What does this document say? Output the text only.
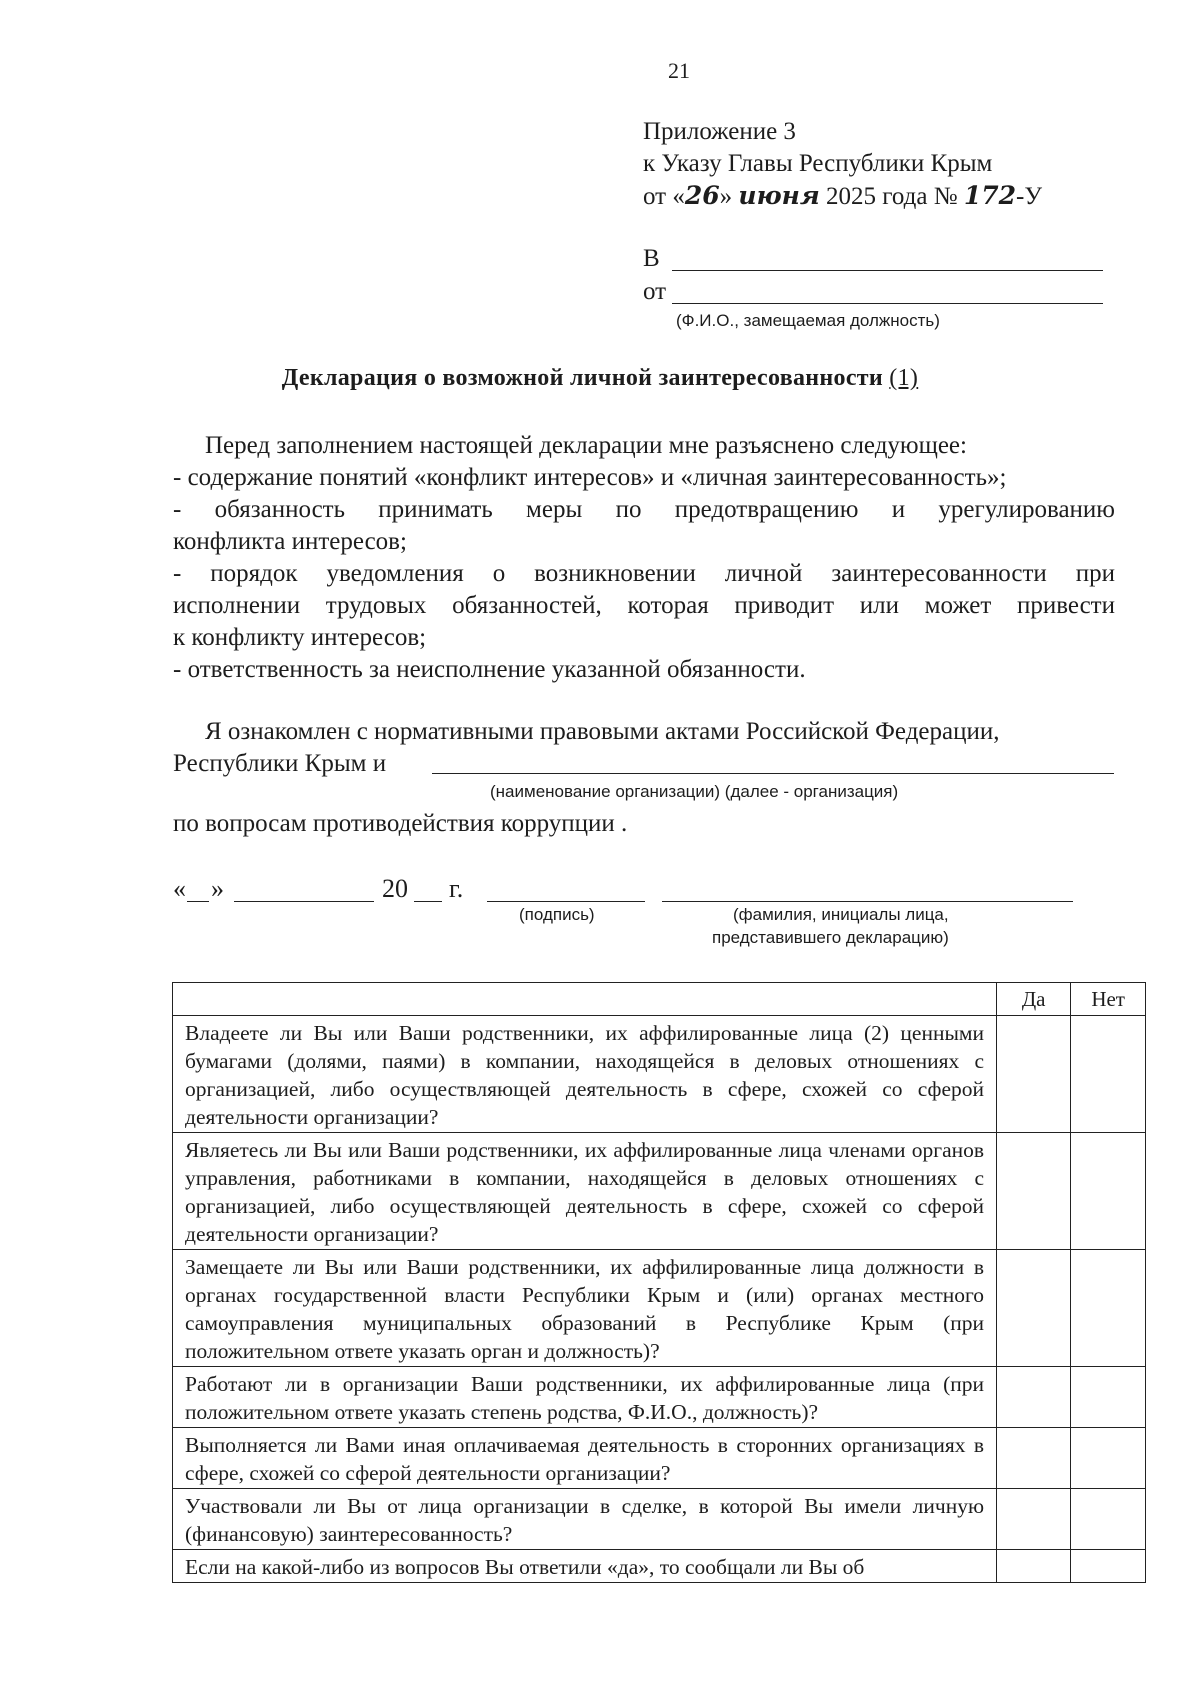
21
Приложение 3
к Указу Главы Республики Крым
от «26» июня 2025 года № 172-У
В
от
(Ф.И.О., замещаемая должность)
Декларация о возможной личной заинтересованности (1)
Перед заполнением настоящей декларации мне разъяснено следующее:
- содержание понятий «конфликт интересов» и «личная заинтересованность»;
- обязанность принимать меры по предотвращению и урегулированию
конфликта интересов;
- порядок уведомления о возникновении личной заинтересованности при
исполнении трудовых обязанностей, которая приводит или может привести
к конфликту интересов;
- ответственность за неисполнение указанной обязанности.
Я ознакомлен с нормативными правовыми актами Российской Федерации,
Республики Крым и
(наименование организации) (далее - организация)
по вопросам противодействия коррупции .
« »	20 г.
(подпись)	(фамилия, инициалы лица,
представившего декларацию)
	Да	Нет
Владеете ли Вы или Ваши родственники, их аффилированные лица (2) ценными бумагами (долями, паями) в компании, находящейся в деловых отношениях с организацией, либо осуществляющей деятельность в сфере, схожей со сферой деятельности организации?		
Являетесь ли Вы или Ваши родственники, их аффилированные лица членами органов управления, работниками в компании, находящейся в деловых отношениях с организацией, либо осуществляющей деятельность в сфере, схожей со сферой деятельности организации?		
Замещаете ли Вы или Ваши родственники, их аффилированные лица должности в органах государственной власти Республики Крым и (или) органах местного самоуправления муниципальных образований в Республике Крым (при положительном ответе указать орган и должность)?		
Работают ли в организации Ваши родственники, их аффилированные лица (при положительном ответе указать степень родства, Ф.И.О., должность)?		
Выполняется ли Вами иная оплачиваемая деятельность в сторонних организациях в сфере, схожей со сферой деятельности организации?		
Участвовали ли Вы от лица организации в сделке, в которой Вы имели личную (финансовую) заинтересованность?		
Если на какой-либо из вопросов Вы ответили «да», то сообщали ли Вы об		
